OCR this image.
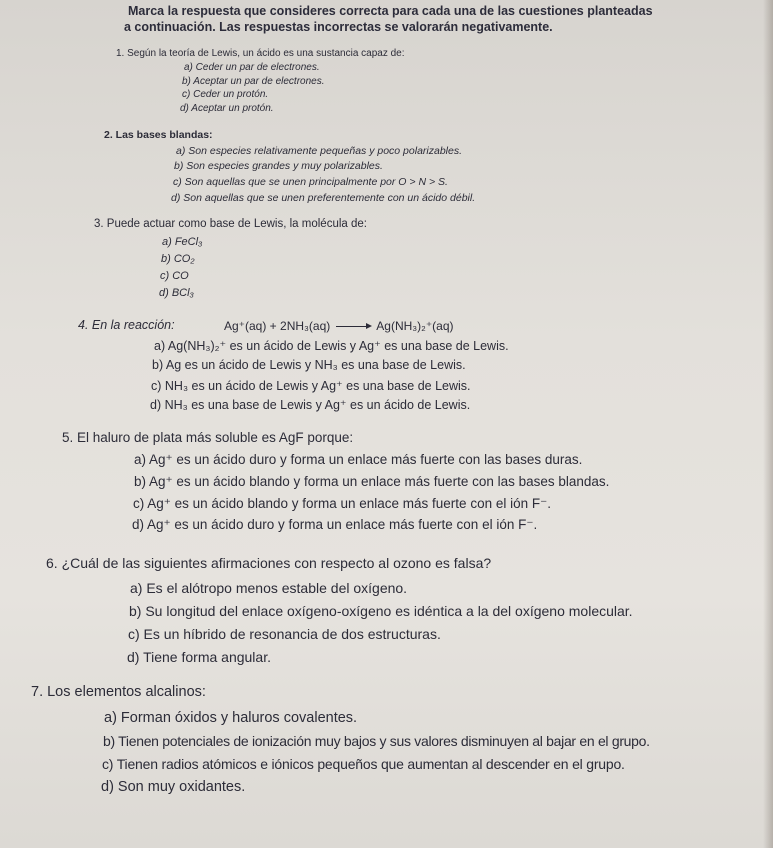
Marca la respuesta que consideres correcta para cada una de las cuestiones planteadas
a continuación. Las respuestas incorrectas se valorarán negativamente.
1. Según la teoría de Lewis, un ácido es una sustancia capaz de:
a) Ceder un par de electrones.
b) Aceptar un par de electrones.
c) Ceder un protón.
d) Aceptar un protón.
2. Las bases blandas:
a) Son especies relativamente pequeñas y poco polarizables.
b) Son especies grandes y muy polarizables.
c) Son aquellas que se unen principalmente por O > N > S.
d) Son aquellas que se unen preferentemente con un ácido débil.
3. Puede actuar como base de Lewis, la molécula de:
a) FeCl₃
b) CO₂
c) CO
d) BCl₃
4. En la reacción:	Ag⁺(aq) + 2NH₃(aq) → Ag(NH₃)₂⁺(aq)
a) Ag(NH₃)₂⁺ es un ácido de Lewis y Ag⁺ es una base de Lewis.
b) Ag es un ácido de Lewis y NH₃ es una base de Lewis.
c) NH₃ es un ácido de Lewis y Ag⁺ es una base de Lewis.
d) NH₃ es una base de Lewis y Ag⁺ es un ácido de Lewis.
5. El haluro de plata más soluble es AgF porque:
a) Ag⁺ es un ácido duro y forma un enlace más fuerte con las bases duras.
b) Ag⁺ es un ácido blando y forma un enlace más fuerte con las bases blandas.
c) Ag⁺ es un ácido blando y forma un enlace más fuerte con el ión F⁻.
d) Ag⁺ es un ácido duro y forma un enlace más fuerte con el ión F⁻.
6. ¿Cuál de las siguientes afirmaciones con respecto al ozono es falsa?
a) Es el alótropo menos estable del oxígeno.
b) Su longitud del enlace oxígeno-oxígeno es idéntica a la del oxígeno molecular.
c) Es un híbrido de resonancia de dos estructuras.
d) Tiene forma angular.
7. Los elementos alcalinos:
a) Forman óxidos y haluros covalentes.
b) Tienen potenciales de ionización muy bajos y sus valores disminuyen al bajar en el grupo.
c) Tienen radios atómicos e iónicos pequeños que aumentan al descender en el grupo.
d) Son muy oxidantes.
